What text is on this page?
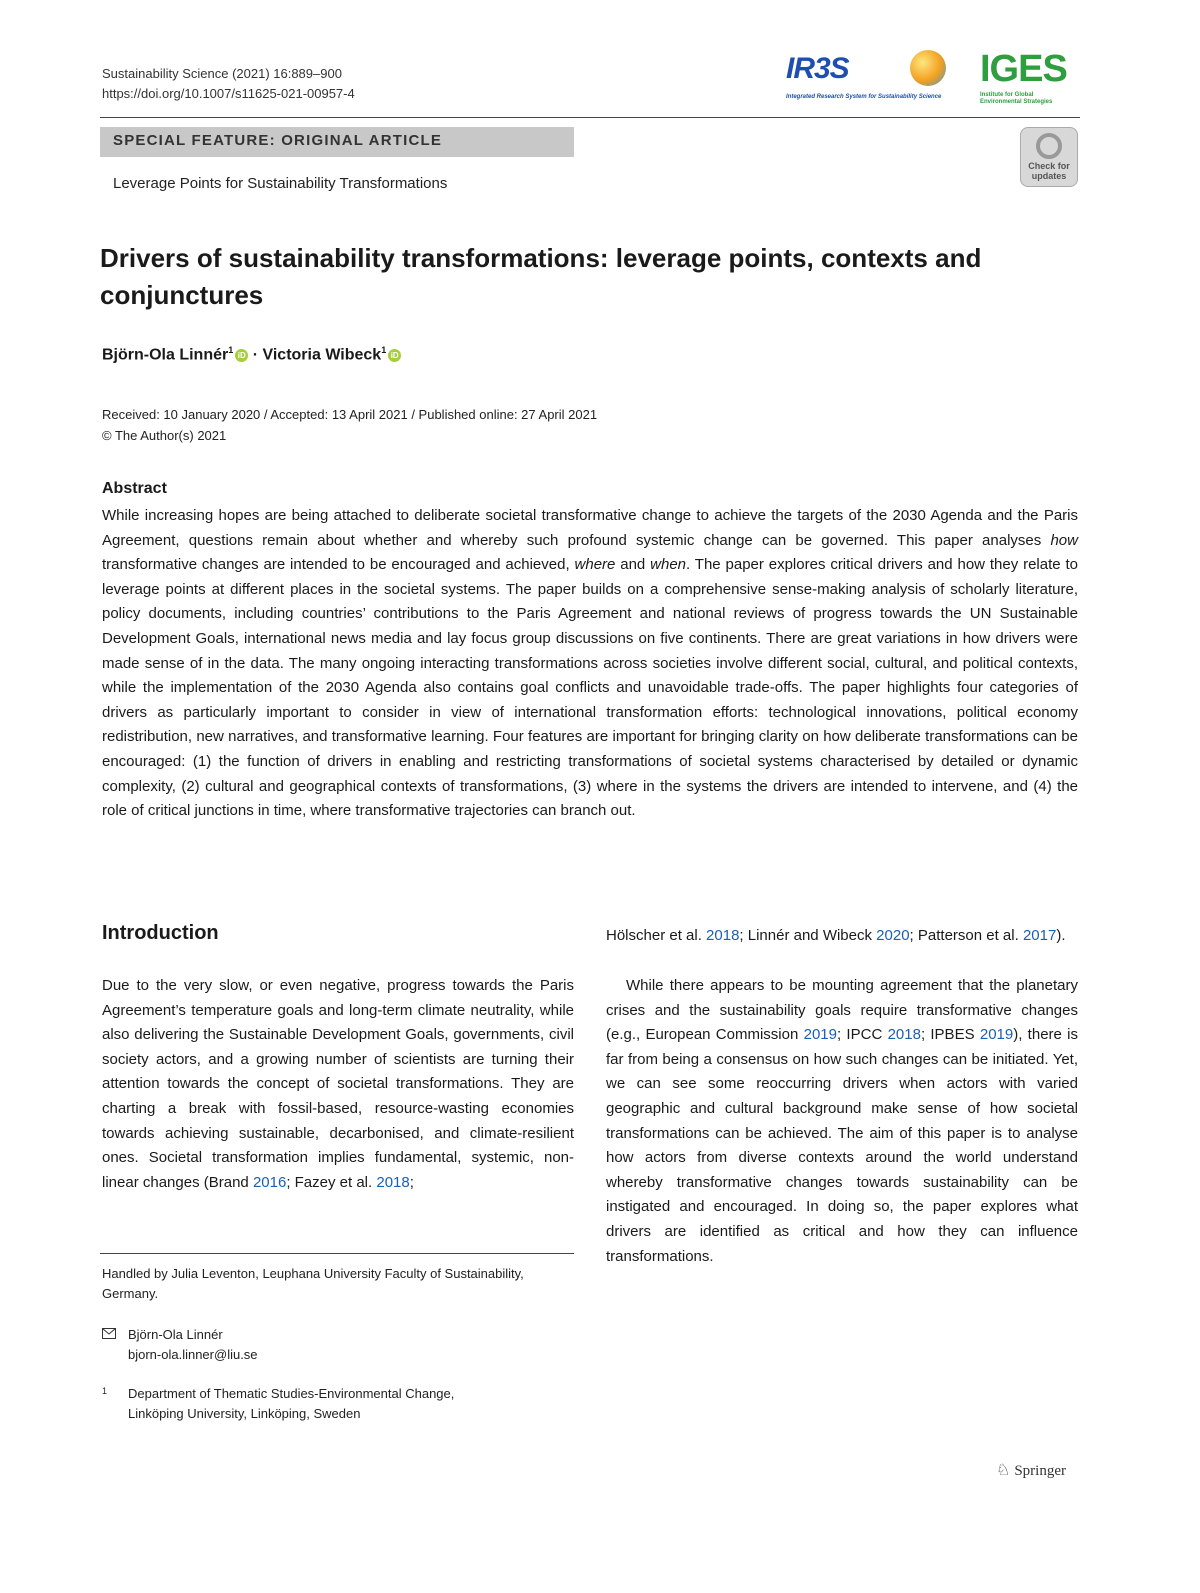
Sustainability Science (2021) 16:889–900
https://doi.org/10.1007/s11625-021-00957-4
IR3S
Integrated Research System for Sustainability Science
IGES
Institute for Global Environmental Strategies
SPECIAL FEATURE: ORIGINAL ARTICLE
Leverage Points for Sustainability Transformations
Check for updates
Drivers of sustainability transformations: leverage points, contexts and conjunctures
Björn-Ola Linnér$^1$iD · Victoria Wibeck$^1$iD
Received: 10 January 2020 / Accepted: 13 April 2021 / Published online: 27 April 2021
© The Author(s) 2021
Abstract
While increasing hopes are being attached to deliberate societal transformative change to achieve the targets of the 2030 Agenda and the Paris Agreement, questions remain about whether and whereby such profound systemic change can be governed. This paper analyses how transformative changes are intended to be encouraged and achieved, where and when. The paper explores critical drivers and how they relate to leverage points at different places in the societal systems. The paper builds on a comprehensive sense-making analysis of scholarly literature, policy documents, including countries’ contributions to the Paris Agreement and national reviews of progress towards the UN Sustainable Development Goals, international news media and lay focus group discussions on five continents. There are great variations in how drivers were made sense of in the data. The many ongoing interacting transformations across societies involve different social, cultural, and political contexts, while the implementation of the 2030 Agenda also contains goal conflicts and unavoidable trade-offs. The paper highlights four categories of drivers as particularly important to consider in view of international transformation efforts: technological innovations, political economy redistribution, new narratives, and transformative learning. Four features are important for bringing clarity on how deliberate transformations can be encouraged: (1) the function of drivers in enabling and restricting transformations of societal systems characterised by detailed or dynamic complexity, (2) cultural and geographical contexts of transformations, (3) where in the systems the drivers are intended to intervene, and (4) the role of critical junctions in time, where transformative trajectories can branch out.
Introduction
Due to the very slow, or even negative, progress towards the Paris Agreement’s temperature goals and long-term climate neutrality, while also delivering the Sustainable Development Goals, governments, civil society actors, and a growing number of scientists are turning their attention towards the concept of societal transformations. They are charting a break with fossil-based, resource-wasting economies towards achieving sustainable, decarbonised, and climate-resilient ones. Societal transformation implies fundamental, systemic, non-linear changes (Brand 2016; Fazey et al. 2018;
Hölscher et al. 2018; Linnér and Wibeck 2020; Patterson et al. 2017).
While there appears to be mounting agreement that the planetary crises and the sustainability goals require transformative changes (e.g., European Commission 2019; IPCC 2018; IPBES 2019), there is far from being a consensus on how such changes can be initiated. Yet, we can see some reoccurring drivers when actors with varied geographic and cultural background make sense of how societal transformations can be achieved. The aim of this paper is to analyse how actors from diverse contexts around the world understand whereby transformative changes towards sustainability can be instigated and encouraged. In doing so, the paper explores what drivers are identified as critical and how they can influence transformations.
Handled by Julia Leventon, Leuphana University Faculty of Sustainability, Germany.
Björn-Ola Linnér
bjorn-ola.linner@liu.se
1 Department of Thematic Studies-Environmental Change,
Linköping University, Linköping, Sweden
♘ Springer
